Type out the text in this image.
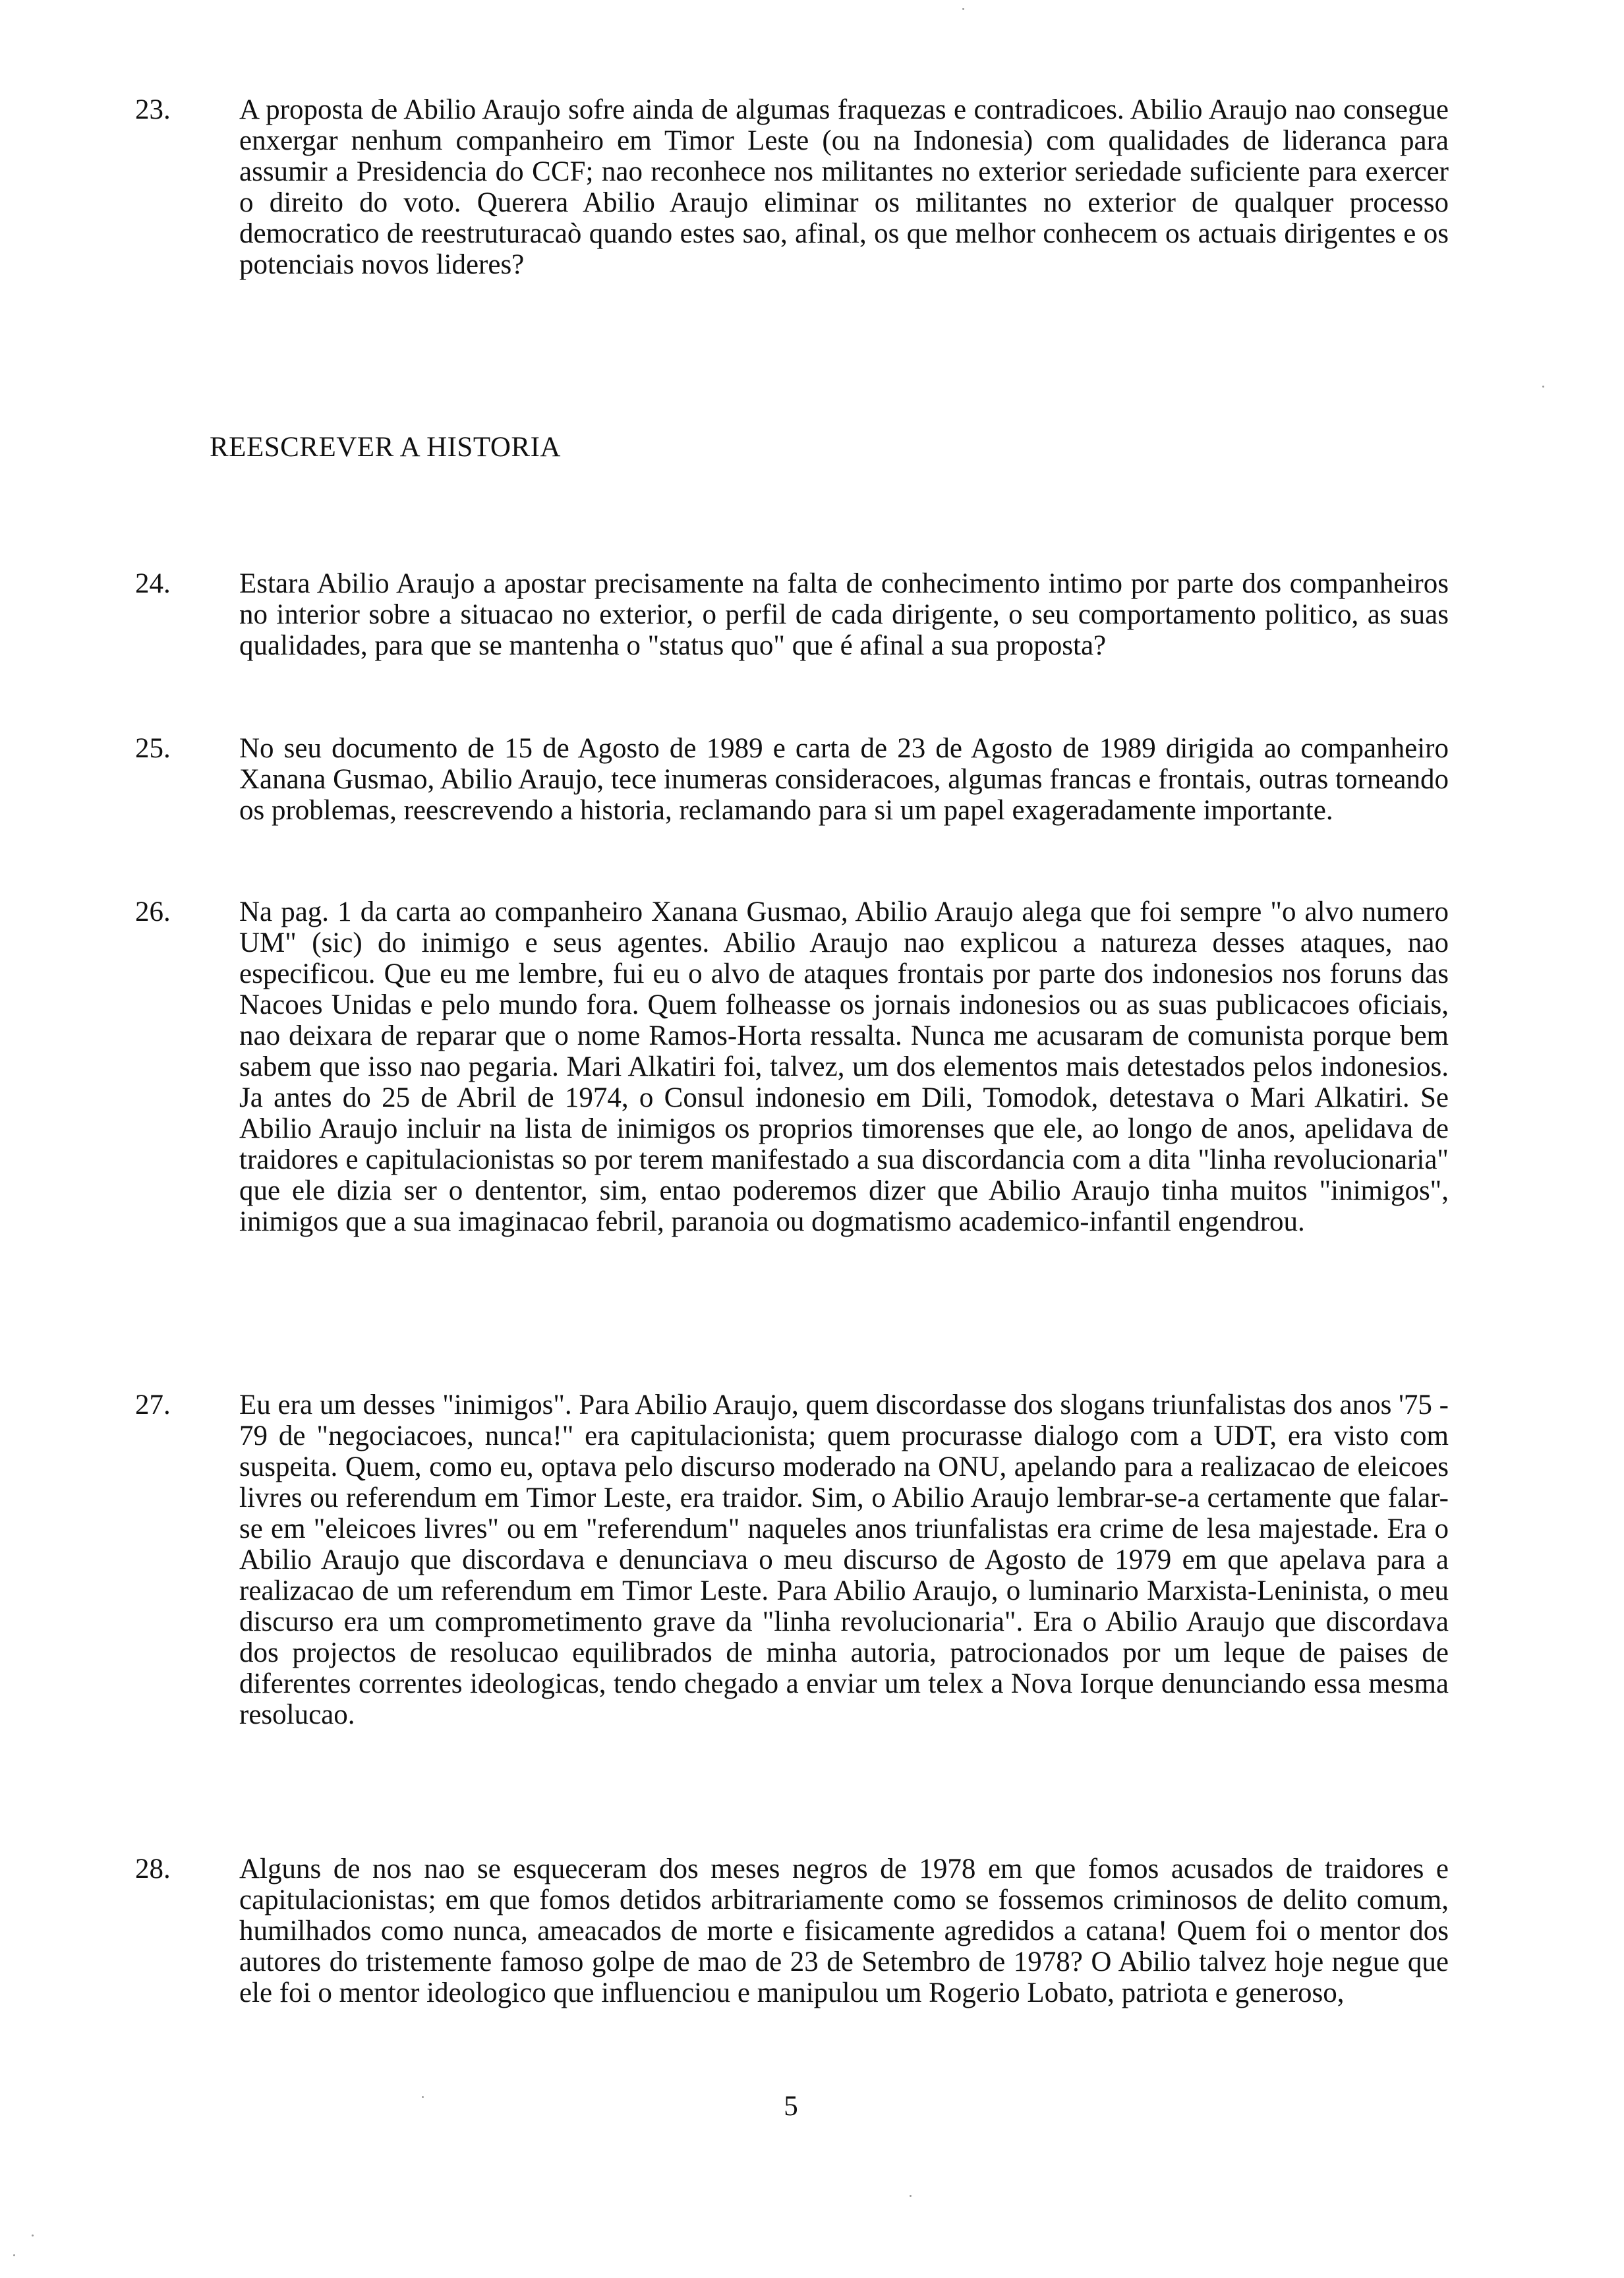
23. A proposta de Abilio Araujo sofre ainda de algumas fraquezas e contradicoes. Abilio Araujo nao consegue enxergar nenhum companheiro em Timor Leste (ou na Indonesia) com qualidades de lideranca para assumir a Presidencia do CCF; nao reconhece nos militantes no exterior seriedade suficiente para exercer o direito do voto. Querera Abilio Araujo eliminar os militantes no exterior de qualquer processo democratico de reestruturacaò quando estes sao, afinal, os que melhor conhecem os actuais dirigentes e os potenciais novos lideres?
REESCREVER A HISTORIA
24. Estara Abilio Araujo a apostar precisamente na falta de conhecimento intimo por parte dos companheiros no interior sobre a situacao no exterior, o perfil de cada dirigente, o seu comportamento politico, as suas qualidades, para que se mantenha o "status quo" que é afinal a sua proposta?
25. No seu documento de 15 de Agosto de 1989 e carta de 23 de Agosto de 1989 dirigida ao companheiro Xanana Gusmao, Abilio Araujo, tece inumeras consideracoes, algumas francas e frontais, outras torneando os problemas, reescrevendo a historia, reclamando para si um papel exageradamente importante.
26. Na pag. 1 da carta ao companheiro Xanana Gusmao, Abilio Araujo alega que foi sempre "o alvo numero UM" (sic) do inimigo e seus agentes. Abilio Araujo nao explicou a natureza desses ataques, nao especificou. Que eu me lembre, fui eu o alvo de ataques frontais por parte dos indonesios nos foruns das Nacoes Unidas e pelo mundo fora. Quem folheasse os jornais indonesios ou as suas publicacoes oficiais, nao deixara de reparar que o nome Ramos-Horta ressalta. Nunca me acusaram de comunista porque bem sabem que isso nao pegaria. Mari Alkatiri foi, talvez, um dos elementos mais detestados pelos indonesios. Ja antes do 25 de Abril de 1974, o Consul indonesio em Dili, Tomodok, detestava o Mari Alkatiri. Se Abilio Araujo incluir na lista de inimigos os proprios timorenses que ele, ao longo de anos, apelidava de traidores e capitulacionistas so por terem manifestado a sua discordancia com a dita "linha revolucionaria" que ele dizia ser o dententor, sim, entao poderemos dizer que Abilio Araujo tinha muitos "inimigos", inimigos que a sua imaginacao febril, paranoia ou dogmatismo academico-infantil engendrou.
27. Eu era um desses "inimigos". Para Abilio Araujo, quem discordasse dos slogans triunfalistas dos anos '75 - 79 de "negociacoes, nunca!" era capitulacionista; quem procurasse dialogo com a UDT, era visto com suspeita. Quem, como eu, optava pelo discurso moderado na ONU, apelando para a realizacao de eleicoes livres ou referendum em Timor Leste, era traidor. Sim, o Abilio Araujo lembrar-se-a certamente que falar-se em "eleicoes livres" ou em "referendum" naqueles anos triunfalistas era crime de lesa majestade. Era o Abilio Araujo que discordava e denunciava o meu discurso de Agosto de 1979 em que apelava para a realizacao de um referendum em Timor Leste. Para Abilio Araujo, o luminario Marxista-Leninista, o meu discurso era um comprometimento grave da "linha revolucionaria". Era o Abilio Araujo que discordava dos projectos de resolucao equilibrados de minha autoria, patrocionados por um leque de paises de diferentes correntes ideologicas, tendo chegado a enviar um telex a Nova Iorque denunciando essa mesma resolucao.
28. Alguns de nos nao se esqueceram dos meses negros de 1978 em que fomos acusados de traidores e capitulacionistas; em que fomos detidos arbitrariamente como se fossemos criminosos de delito comum, humilhados como nunca, ameacados de morte e fisicamente agredidos a catana! Quem foi o mentor dos autores do tristemente famoso golpe de mao de 23 de Setembro de 1978? O Abilio talvez hoje negue que ele foi o mentor ideologico que influenciou e manipulou um Rogerio Lobato, patriota e generoso,
5
